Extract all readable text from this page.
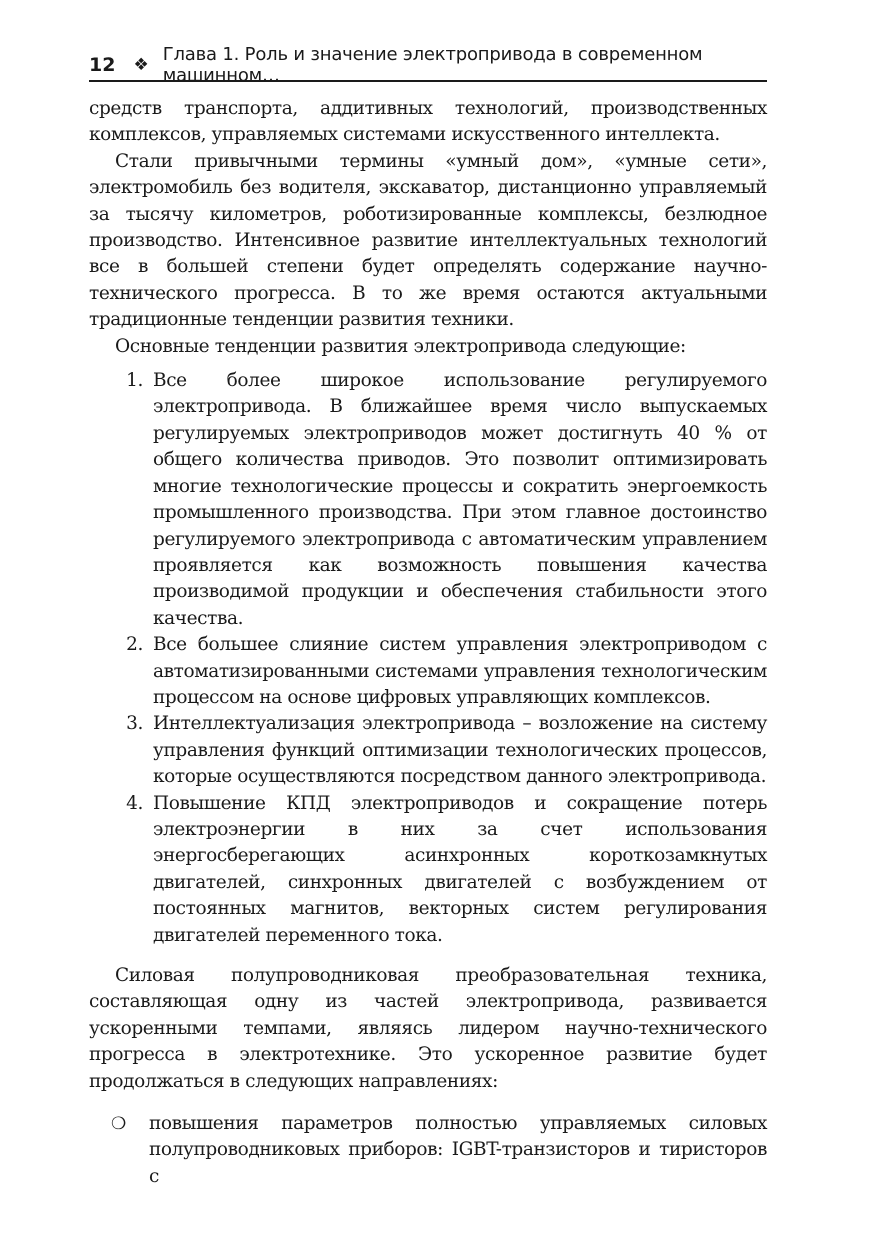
12 ❖ Глава 1. Роль и значение электропривода в современном машинном…

средств транспорта, аддитивных технологий, производственных комплексов, управляемых системами искусственного интеллекта.

Стали привычными термины «умный дом», «умные сети», электромобиль без водителя, экскаватор, дистанционно управляемый за тысячу километров, роботизированные комплексы, безлюдное производство. Интенсивное развитие интеллектуальных технологий все в большей степени будет определять содержание научно-технического прогресса. В то же время остаются актуальными традиционные тенденции развития техники.

Основные тенденции развития электропривода следующие:

1. Все более широкое использование регулируемого электропривода. В ближайшее время число выпускаемых регулируемых электроприводов может достигнуть 40 % от общего количества приводов. Это позволит оптимизировать многие технологические процессы и сократить энергоемкость промышленного производства. При этом главное достоинство регулируемого электропривода с автоматическим управлением проявляется как возможность повышения качества производимой продукции и обеспечения стабильности этого качества.
2. Все большее слияние систем управления электроприводом с автоматизированными системами управления технологическим процессом на основе цифровых управляющих комплексов.
3. Интеллектуализация электропривода – возложение на систему управления функций оптимизации технологических процессов, которые осуществляются посредством данного электропривода.
4. Повышение КПД электроприводов и сокращение потерь электроэнергии в них за счет использования энергосберегающих асинхронных короткозамкнутых двигателей, синхронных двигателей с возбуждением от постоянных магнитов, векторных систем регулирования двигателей переменного тока.

Силовая полупроводниковая преобразовательная техника, составляющая одну из частей электропривода, развивается ускоренными темпами, являясь лидером научно-технического прогресса в электротехнике. Это ускоренное развитие будет продолжаться в следующих направлениях:

❍	повышения параметров полностью управляемых силовых полупроводниковых приборов: IGBT-транзисторов и тиристоров с
